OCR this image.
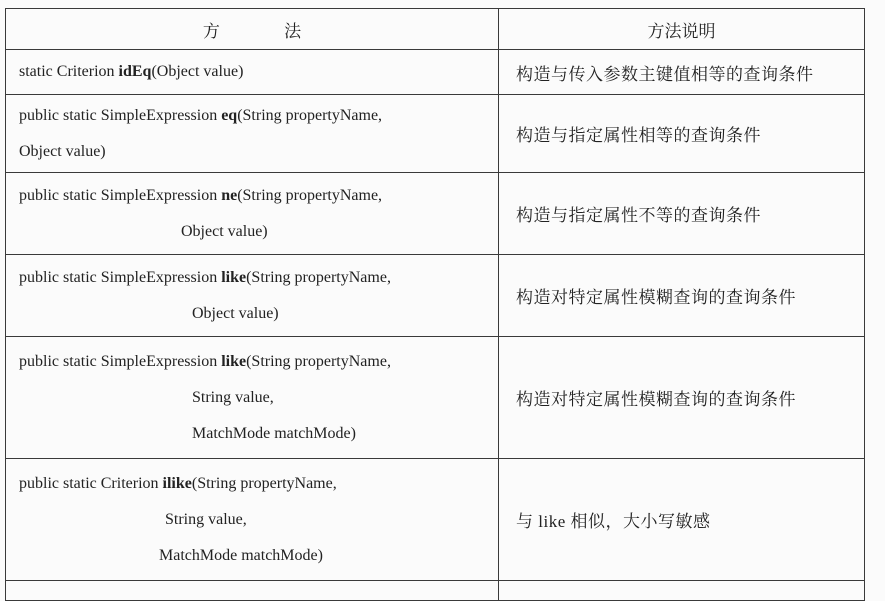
方 法	方法说明

static Criterion idEq(Object value)	构造与传入参数主键值相等的查询条件

public static SimpleExpression eq(String propertyName,
Object value)	构造与指定属性相等的查询条件

public static SimpleExpression ne(String propertyName,
Object value)	构造与指定属性不等的查询条件

public static SimpleExpression like(String propertyName,
Object value)	构造对特定属性模糊查询的查询条件

public static SimpleExpression like(String propertyName,
String value,
MatchMode matchMode)	构造对特定属性模糊查询的查询条件

public static Criterion ilike(String propertyName,
String value,
MatchMode matchMode)	与 like 相似，大小写敏感
